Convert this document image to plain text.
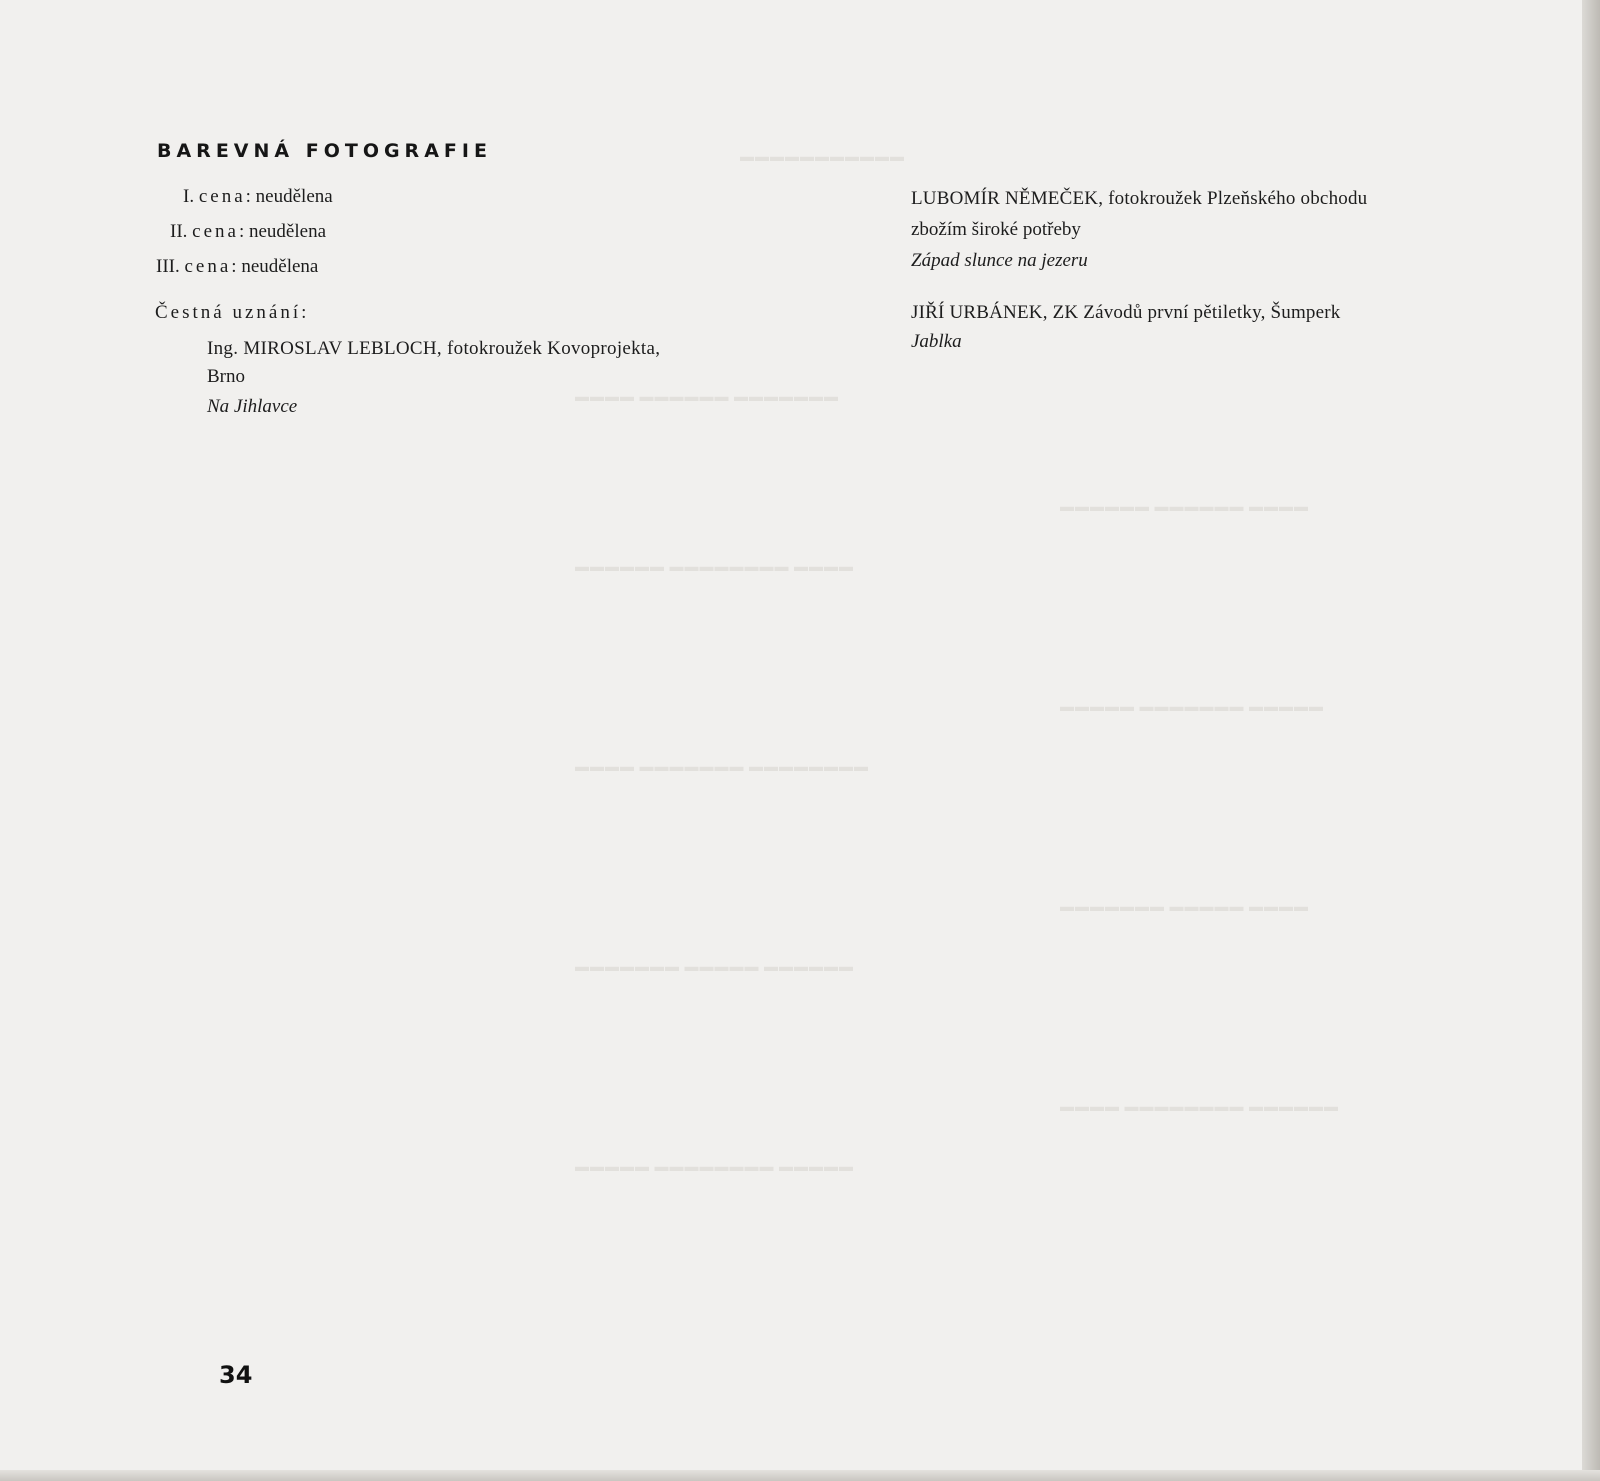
▬▬▬▬▬▬▬▬▬▬▬
▬▬▬▬ ▬▬▬▬▬▬ ▬▬▬▬▬▬▬
▬▬▬▬▬▬ ▬▬▬▬▬▬▬▬ ▬▬▬▬
▬▬▬▬ ▬▬▬▬▬▬▬ ▬▬▬▬▬▬▬▬
▬▬▬▬▬▬▬ ▬▬▬▬▬ ▬▬▬▬▬▬
▬▬▬▬▬ ▬▬▬▬▬▬▬▬ ▬▬▬▬▬
▬▬▬▬▬▬ ▬▬▬▬▬▬ ▬▬▬▬
▬▬▬▬▬ ▬▬▬▬▬▬▬ ▬▬▬▬▬
▬▬▬▬▬▬▬ ▬▬▬▬▬ ▬▬▬▬
▬▬▬▬ ▬▬▬▬▬▬▬▬ ▬▬▬▬▬▬
BAREVNÁ FOTOGRAFIE
I. cena: neudělena
II. cena: neudělena
III. cena: neudělena
Čestná uznání:
Ing. MIROSLAV LEBLOCH, fotokroužek Kovoprojekta,
Brno
Na Jihlavce
LUBOMÍR NĚMEČEK, fotokroužek Plzeňského obchodu
zbožím široké potřeby
Západ slunce na jezeru
JIŘÍ URBÁNEK, ZK Závodů první pětiletky, Šumperk
Jablka
34
